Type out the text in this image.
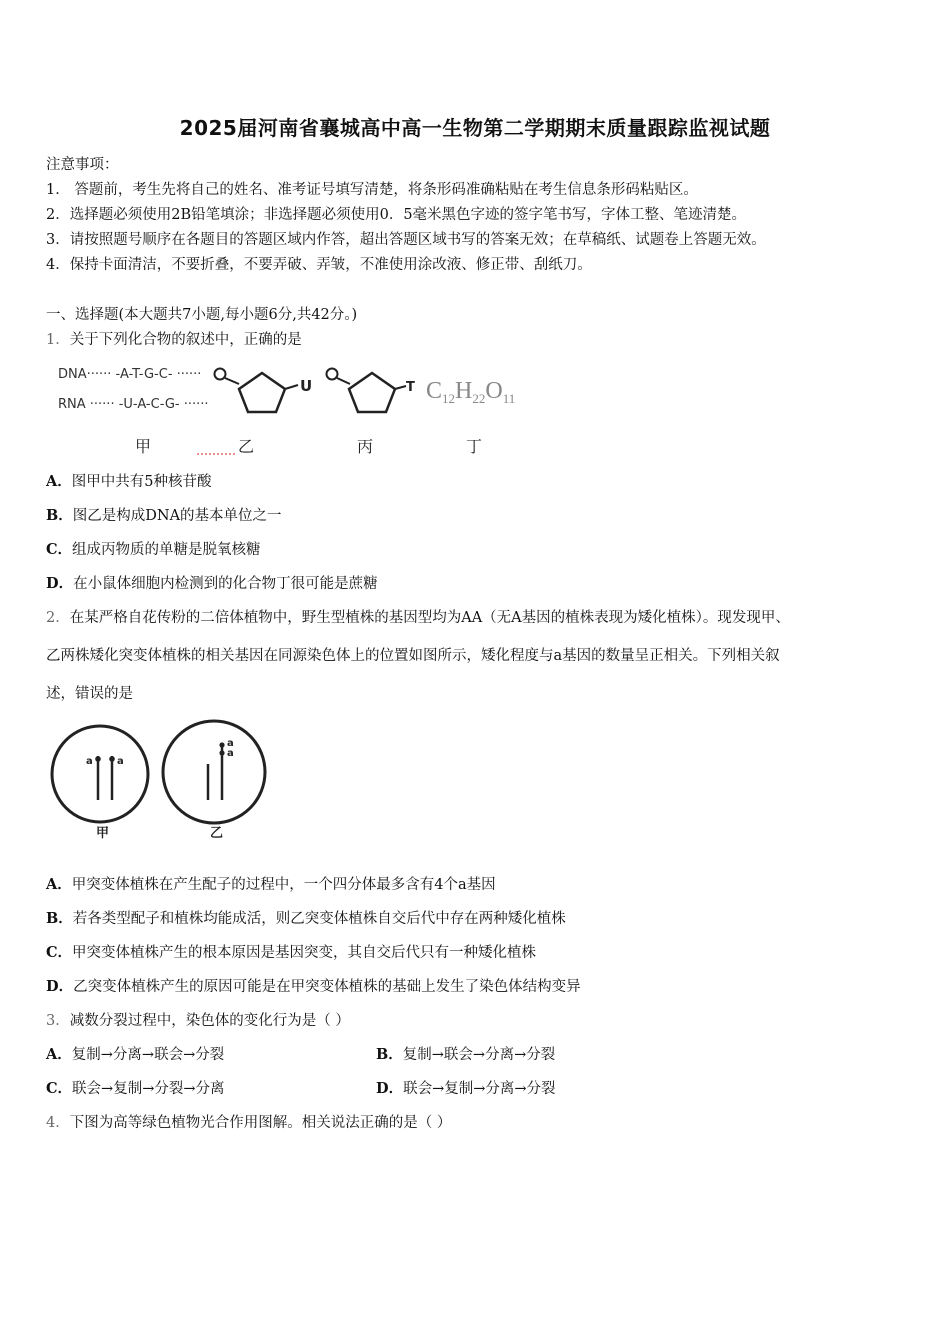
2025届河南省襄城高中高一生物第二学期期末质量跟踪监视试题
注意事项：
1． 答题前，考生先将自己的姓名、准考证号填写清楚，将条形码准确粘贴在考生信息条形码粘贴区。
2．选择题必须使用2B铅笔填涂；非选择题必须使用0．5毫米黑色字迹的签字笔书写，字体工整、笔迹清楚。
3．请按照题号顺序在各题目的答题区域内作答，超出答题区域书写的答案无效；在草稿纸、试题卷上答题无效。
4．保持卡面清洁，不要折叠，不要弄破、弄皱，不准使用涂改液、修正带、刮纸刀。
一、选择题(本大题共7小题,每小题6分,共42分。)
1．关于下列化合物的叙述中，正确的是
DNA······ -A-T-G-C- ······
RNA ······ -U-A-C-G- ······
U	T $C_{12}H_{22}O_{11}$
甲	乙	丙	丁
A．图甲中共有5种核苷酸
B．图乙是构成DNA的基本单位之一
C．组成丙物质的单糖是脱氧核糖
D．在小鼠体细胞内检测到的化合物丁很可能是蔗糖
2．在某严格自花传粉的二倍体植物中，野生型植株的基因型均为AA（无A基因的植株表现为矮化植株）。现发现甲、
乙两株矮化突变体植株的相关基因在同源染色体上的位置如图所示，矮化程度与a基因的数量呈正相关。下列相关叙
述，错误的是
a a
甲
a
a
乙
A．甲突变体植株在产生配子的过程中，一个四分体最多含有4个a基因
B．若各类型配子和植株均能成活，则乙突变体植株自交后代中存在两种矮化植株
C．甲突变体植株产生的根本原因是基因突变，其自交后代只有一种矮化植株
D．乙突变体植株产生的原因可能是在甲突变体植株的基础上发生了染色体结构变异
3．减数分裂过程中，染色体的变化行为是（ ）
A．复制→分离→联会→分裂	B．复制→联会→分离→分裂
C．联会→复制→分裂→分离	D．联会→复制→分离→分裂
4．下图为高等绿色植物光合作用图解。相关说法正确的是（ ）
